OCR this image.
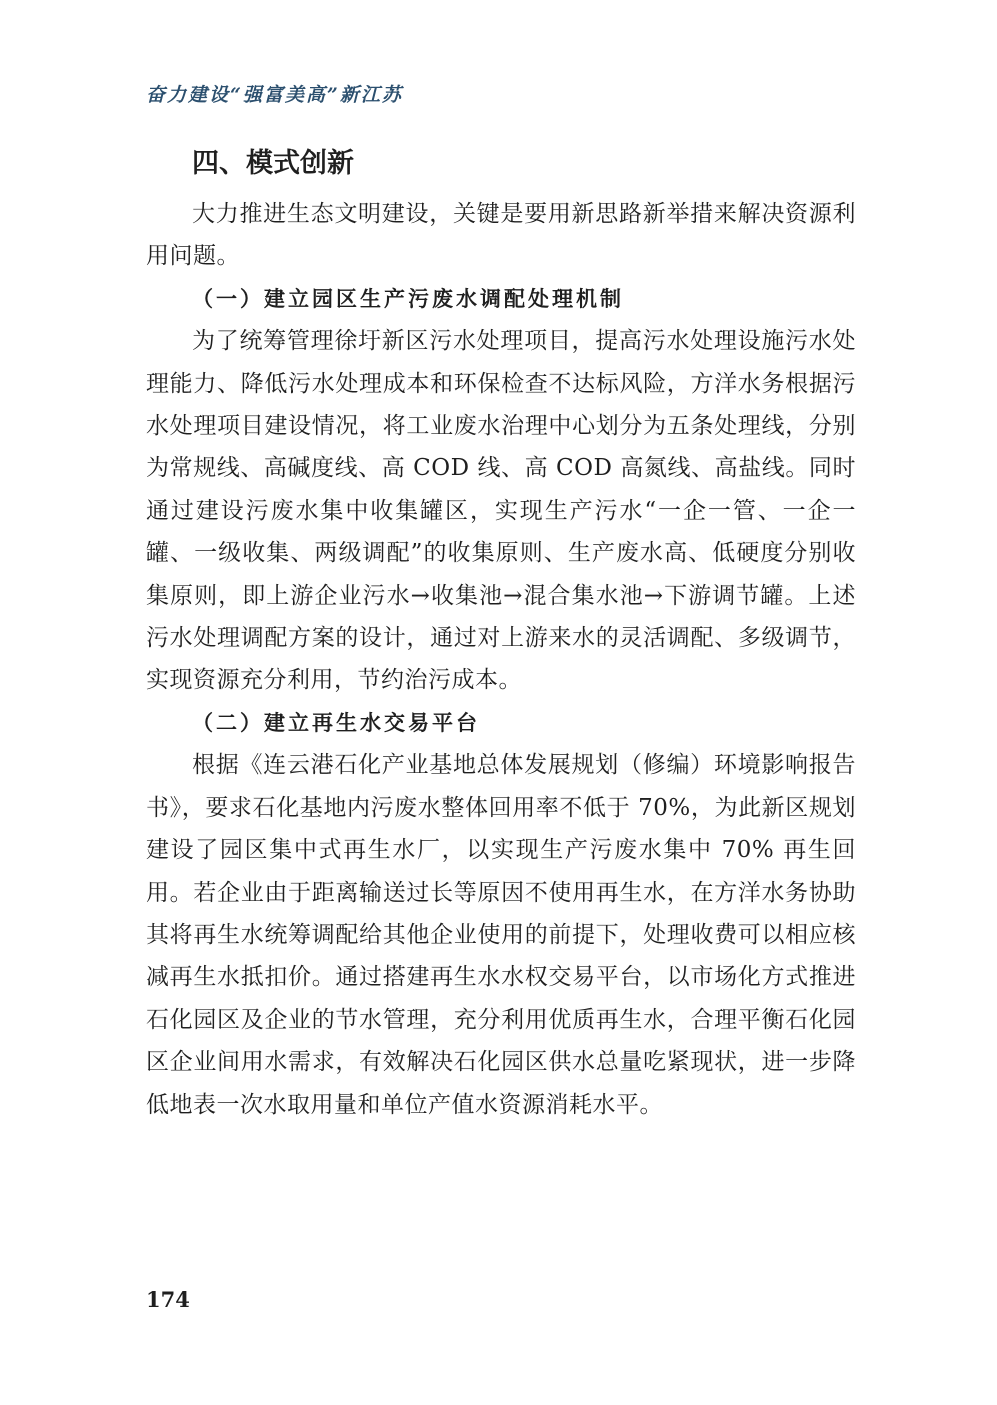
奋力建设“强富美高”新江苏
四、模式创新

大力推进生态文明建设，关键是要用新思路新举措来解决资源利用问题。

（一）建立园区生产污废水调配处理机制

为了统筹管理徐圩新区污水处理项目，提高污水处理设施污水处理能力、降低污水处理成本和环保检查不达标风险，方洋水务根据污水处理项目建设情况，将工业废水治理中心划分为五条处理线，分别为常规线、高碱度线、高 COD 线、高 COD 高氮线、高盐线。同时通过建设污废水集中收集罐区，实现生产污水“一企一管、一企一罐、一级收集、两级调配”的收集原则、生产废水高、低硬度分别收集原则，即上游企业污水→收集池→混合集水池→下游调节罐。上述污水处理调配方案的设计，通过对上游来水的灵活调配、多级调节，实现资源充分利用，节约治污成本。

（二）建立再生水交易平台

根据《连云港石化产业基地总体发展规划（修编）环境影响报告书》，要求石化基地内污废水整体回用率不低于 70%，为此新区规划建设了园区集中式再生水厂，以实现生产污废水集中 70% 再生回用。若企业由于距离输送过长等原因不使用再生水，在方洋水务协助其将再生水统筹调配给其他企业使用的前提下，处理收费可以相应核减再生水抵扣价。通过搭建再生水水权交易平台，以市场化方式推进石化园区及企业的节水管理，充分利用优质再生水，合理平衡石化园区企业间用水需求，有效解决石化园区供水总量吃紧现状，进一步降低地表一次水取用量和单位产值水资源消耗水平。

174
